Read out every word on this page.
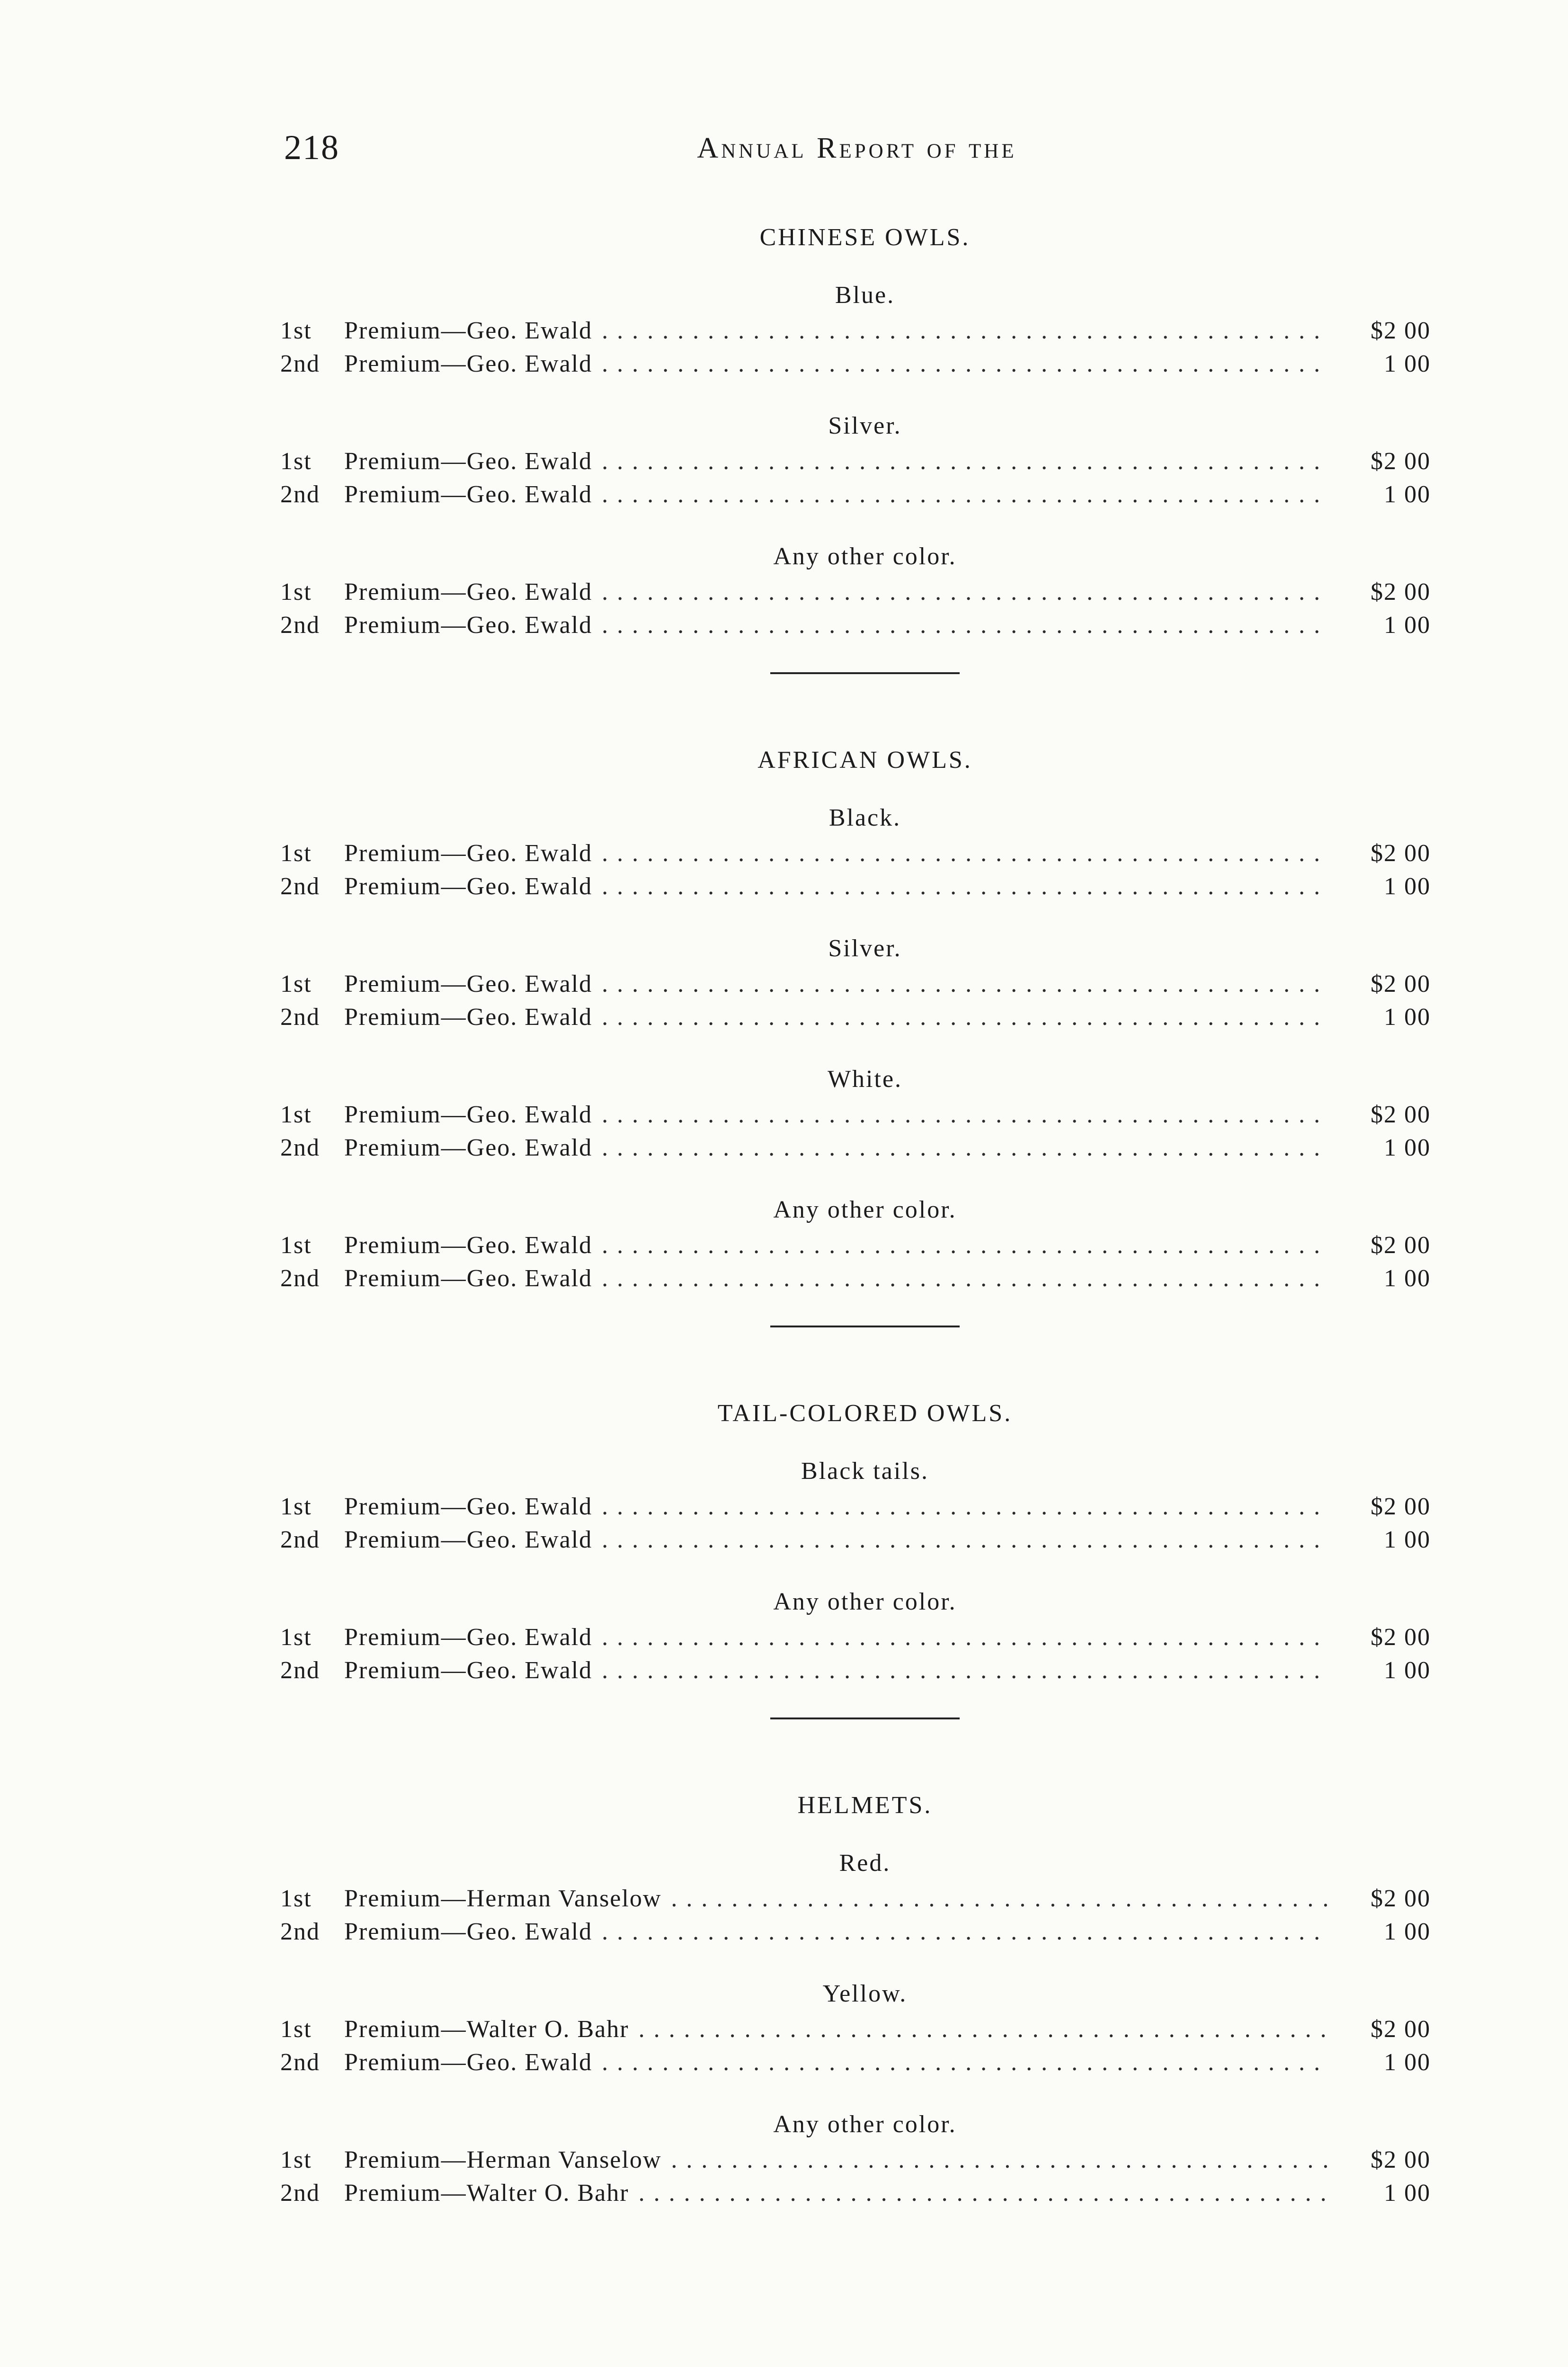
218	Annual Report of the
CHINESE OWLS.
Blue.
1st	Premium—Geo. Ewald . . .	$2 00
2nd Premium—Geo. Ewald . . .	1 00
Silver.
1st	Premium—Geo. Ewald . . .	$2 00
2nd Premium—Geo. Ewald . . .	1 00
Any other color.
1st	Premium—Geo. Ewald . . .	$2 00
2nd Premium—Geo. Ewald . . .	1 00
AFRICAN OWLS.
Black.
1st	Premium—Geo. Ewald . . .	$2 00
2nd Premium—Geo. Ewald . . .	1 00
Silver.
1st	Premium—Geo. Ewald . . .	$2 00
2nd Premium—Geo. Ewald . . .	1 00
White.
1st	Premium—Geo. Ewald . . .	$2 00
2nd Premium—Geo. Ewald . . .	1 00
Any other color.
1st	Premium—Geo. Ewald . . .	$2 00
2nd Premium—Geo. Ewald . . .	1 00
TAIL-COLORED OWLS.
Black tails.
1st	Premium—Geo. Ewald . . .	$2 00
2nd Premium—Geo. Ewald . . .	1 00
Any other color.
1st	Premium—Geo. Ewald . . .	$2 00
2nd Premium—Geo. Ewald . . .	1 00
HELMETS.
Red.
1st	Premium—Herman Vanselow . . .	$2 00
2nd Premium—Geo. Ewald . . .	1 00
Yellow.
1st	Premium—Walter O. Bahr . . .	$2 00
2nd Premium—Geo. Ewald . . .	1 00
Any other color.
1st	Premium—Herman Vanselow . . .	$2 00
2nd Premium—Walter O. Bahr . . .	1 00
